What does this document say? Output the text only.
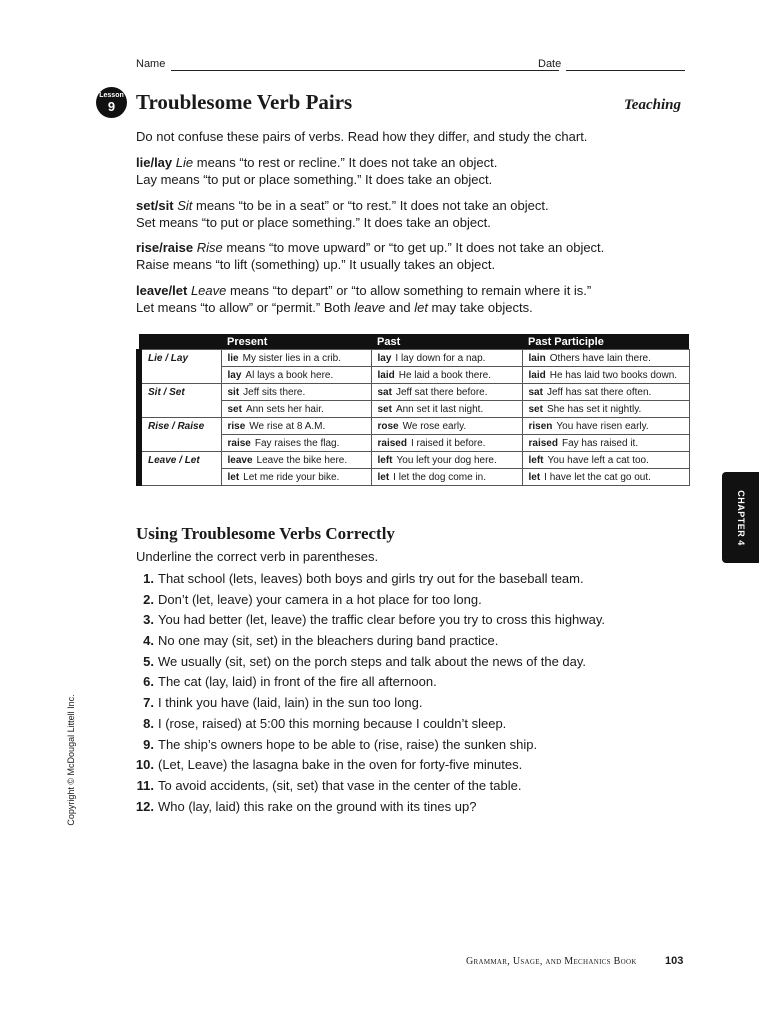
Name	Date
Lesson
9 Troublesome Verb Pairs	Teaching
Do not confuse these pairs of verbs. Read how they differ, and study the chart.
lie/lay Lie means “to rest or recline.” It does not take an object.
Lay means “to put or place something.” It does take an object.
set/sit Sit means “to be in a seat” or “to rest.” It does not take an object.
Set means “to put or place something.” It does take an object.
rise/raise Rise means “to move upward” or “to get up.” It does not take an object.
Raise means “to lift (something) up.” It usually takes an object.
leave/let Leave means “to depart” or “to allow something to remain where it is.”
Let means “to allow” or “permit.” Both leave and let may take objects.
	Present	Past	Past Participle
Lie / Lay	lie My sister lies in a crib.	lay I lay down for a nap.	lain Others have lain there.
	lay Al lays a book here.	laid He laid a book there.	laid He has laid two books down.
Sit / Set	sit Jeff sits there.	sat Jeff sat there before.	sat Jeff has sat there often.
	set Ann sets her hair.	set Ann set it last night.	set She has set it nightly.
Rise / Raise	rise We rise at 8 A.M.	rose We rose early.	risen You have risen early.
	raise Fay raises the flag.	raised I raised it before.	raised Fay has raised it.
Leave / Let	leave Leave the bike here.	left You left your dog here.	left You have left a cat too.
	let Let me ride your bike.	let I let the dog come in.	let I have let the cat go out.
CHAPTER 4
Using Troublesome Verbs Correctly
Underline the correct verb in parentheses.
1. That school (lets, leaves) both boys and girls try out for the baseball team.
2. Don’t (let, leave) your camera in a hot place for too long.
3. You had better (let, leave) the traffic clear before you try to cross this highway.
4. No one may (sit, set) in the bleachers during band practice.
5. We usually (sit, set) on the porch steps and talk about the news of the day.
6. The cat (lay, laid) in front of the fire all afternoon.
7. I think you have (laid, lain) in the sun too long.
8. I (rose, raised) at 5:00 this morning because I couldn’t sleep.
9. The ship’s owners hope to be able to (rise, raise) the sunken ship.
10. (Let, Leave) the lasagna bake in the oven for forty-five minutes.
11. To avoid accidents, (sit, set) that vase in the center of the table.
12. Who (lay, laid) this rake on the ground with its tines up?
Copyright © McDougal Littell Inc.
Grammar, Usage, and Mechanics Book	103
